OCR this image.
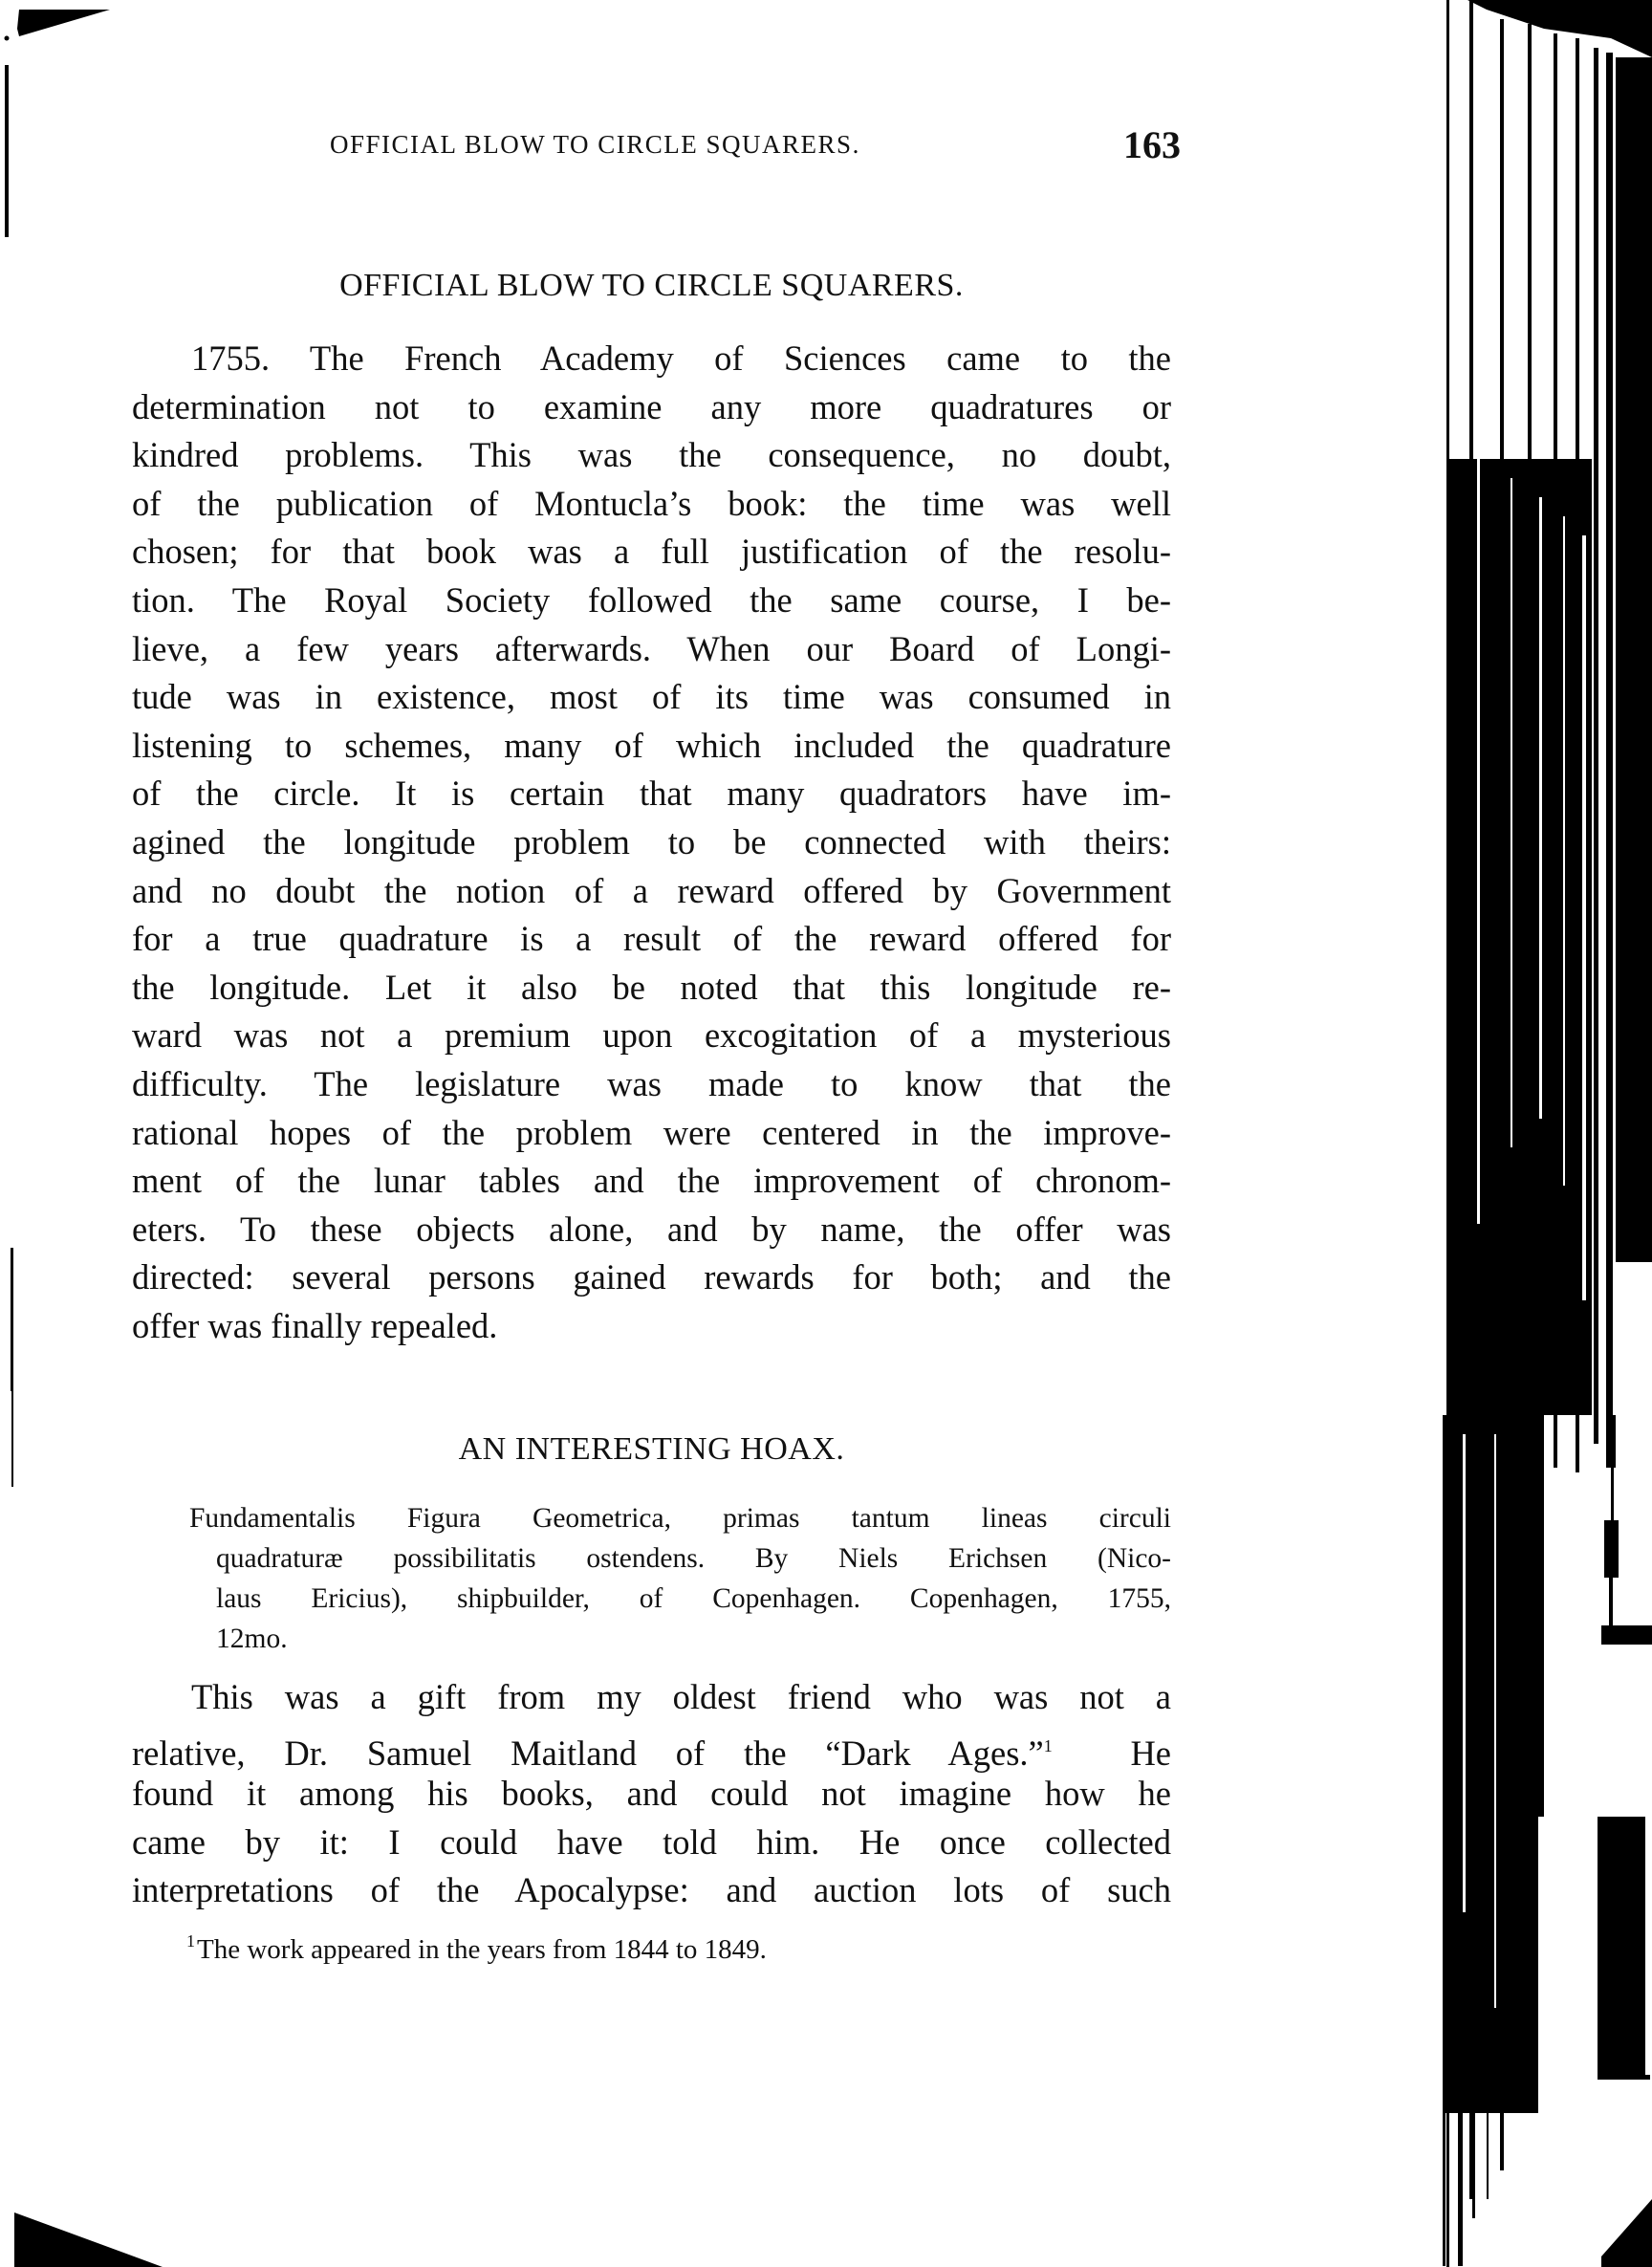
OFFICIAL BLOW TO CIRCLE SQUARERS.	163
OFFICIAL BLOW TO CIRCLE SQUARERS.
1755. The French Academy of Sciences came to the
determination not to examine any more quadratures or
kindred problems. This was the consequence, no doubt,
of the publication of Montucla’s book: the time was well
chosen; for that book was a full justification of the resolu-
tion. The Royal Society followed the same course, I be-
lieve, a few years afterwards. When our Board of Longi-
tude was in existence, most of its time was consumed in
listening to schemes, many of which included the quadrature
of the circle. It is certain that many quadrators have im-
agined the longitude problem to be connected with theirs:
and no doubt the notion of a reward offered by Government
for a true quadrature is a result of the reward offered for
the longitude. Let it also be noted that this longitude re-
ward was not a premium upon excogitation of a mysterious
difficulty. The legislature was made to know that the
rational hopes of the problem were centered in the improve-
ment of the lunar tables and the improvement of chronom-
eters. To these objects alone, and by name, the offer was
directed: several persons gained rewards for both; and the
offer was finally repealed.
AN INTERESTING HOAX.
Fundamentalis Figura Geometrica, primas tantum lineas circuli
quadraturæ possibilitatis ostendens. By Niels Erichsen (Nico-
laus Ericius), shipbuilder, of Copenhagen. Copenhagen, 1755,
12mo.
This was a gift from my oldest friend who was not a
relative, Dr. Samuel Maitland of the “Dark Ages.”$^1$ He
found it among his books, and could not imagine how he
came by it: I could have told him. He once collected
interpretations of the Apocalypse: and auction lots of such
$^1$The work appeared in the years from 1844 to 1849.
